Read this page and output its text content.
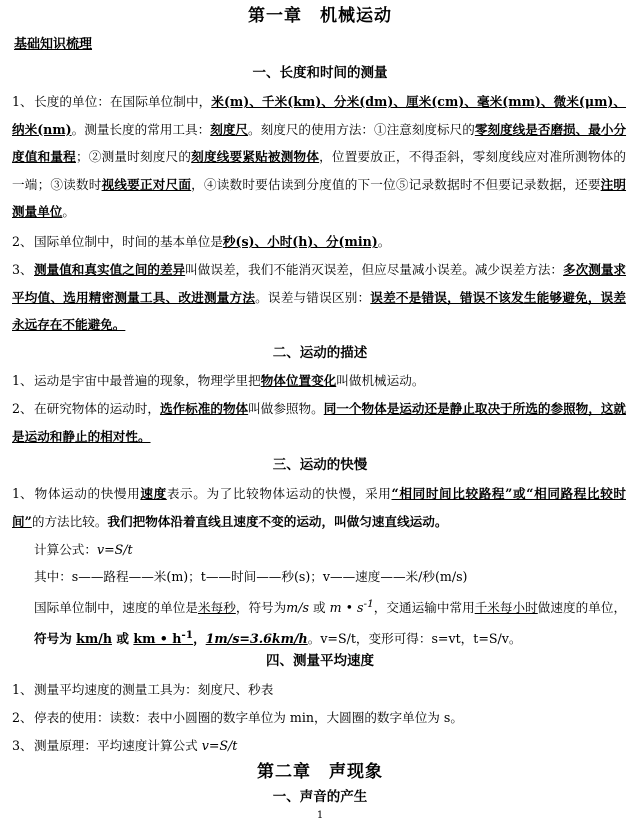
第一章　机械运动
基础知识梳理
一、长度和时间的测量
1、长度的单位：在国际单位制中，米(m)、千米(km)、分米(dm)、厘米(cm)、毫米(mm)、微米(μm)、纳米(nm)。测量长度的常用工具：刻度尺。刻度尺的使用方法：①注意刻度标尺的零刻度线是否磨损、最小分度值和量程；②测量时刻度尺的刻度线要紧贴被测物体，位置要放正，不得歪斜，零刻度线应对准所测物体的一端；③读数时视线要正对尺面，④读数时要估读到分度值的下一位⑤记录数据时不但要记录数据，还要注明测量单位。
2、国际单位制中，时间的基本单位是秒(s)、小时(h)、分(min)。
3、测量值和真实值之间的差异叫做误差，我们不能消灭误差，但应尽量减小误差。减少误差方法：多次测量求平均值、选用精密测量工具、改进测量方法。误差与错误区别：误差不是错误，错误不该发生能够避免，误差永远存在不能避免。
二、运动的描述
1、运动是宇宙中最普遍的现象，物理学里把物体位置变化叫做机械运动。
2、在研究物体的运动时，选作标准的物体叫做参照物。同一个物体是运动还是静止取决于所选的参照物，这就是运动和静止的相对性。
三、运动的快慢
1、物体运动的快慢用速度表示。为了比较物体运动的快慢，采用“相同时间比较路程”或“相同路程比较时间”的方法比较。我们把物体沿着直线且速度不变的运动，叫做匀速直线运动。
计算公式：v=S/t
其中：s——路程——米(m)；t——时间——秒(s)；v——速度——米/秒(m/s)
国际单位制中，速度的单位是米每秒，符号为m/s 或 m • $s^{-1}$，交通运输中常用千米每小时做速度的单位，符号为 km/h 或 km • $h^{-1}$，1m/s=3.6km/h。v=S/t，变形可得：s=vt，t=S/v。
四、测量平均速度
1、测量平均速度的测量工具为：刻度尺、秒表
2、停表的使用：读数：表中小圆圈的数字单位为 min，大圆圈的数字单位为 s。
3、测量原理：平均速度计算公式 v=S/t
第二章　声现象
一、声音的产生
1
